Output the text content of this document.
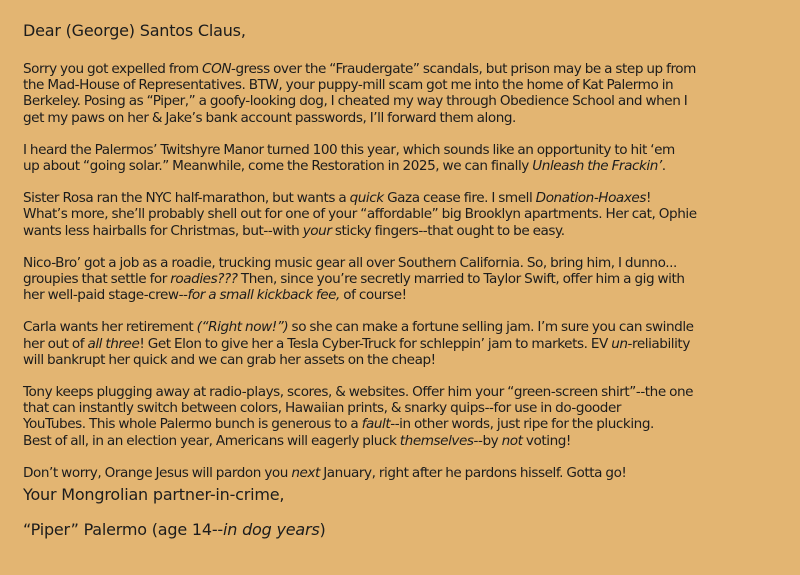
Dear (George) Santos Claus,

Sorry you got expelled from CON-gress over the “Fraudergate” scandals, but prison may be a step up from
the Mad-House of Representatives. BTW, your puppy-mill scam got me into the home of Kat Palermo in
Berkeley. Posing as “Piper,” a goofy-looking dog, I cheated my way through Obedience School and when I
get my paws on her & Jake’s bank account passwords, I’ll forward them along.

I heard the Palermos’ Twitshyre Manor turned 100 this year, which sounds like an opportunity to hit ‘em
up about “going solar.” Meanwhile, come the Restoration in 2025, we can finally Unleash the Frackin’.

Sister Rosa ran the NYC half-marathon, but wants a quick Gaza cease fire. I smell Donation-Hoaxes!
What’s more, she’ll probably shell out for one of your “affordable” big Brooklyn apartments. Her cat, Ophie
wants less hairballs for Christmas, but--with your sticky fingers--that ought to be easy.

Nico-Bro’ got a job as a roadie, trucking music gear all over Southern California. So, bring him, I dunno...
groupies that settle for roadies??? Then, since you’re secretly married to Taylor Swift, offer him a gig with
her well-paid stage-crew--for a small kickback fee, of course!

Carla wants her retirement (“Right now!”) so she can make a fortune selling jam. I’m sure you can swindle
her out of all three! Get Elon to give her a Tesla Cyber-Truck for schleppin’ jam to markets. EV un-reliability
will bankrupt her quick and we can grab her assets on the cheap!

Tony keeps plugging away at radio-plays, scores, & websites. Offer him your “green-screen shirt”--the one
that can instantly switch between colors, Hawaiian prints, & snarky quips--for use in do-gooder
YouTubes. This whole Palermo bunch is generous to a fault--in other words, just ripe for the plucking.
Best of all, in an election year, Americans will eagerly pluck themselves--by not voting!

Don’t worry, Orange Jesus will pardon you next January, right after he pardons hisself. Gotta go!

Your Mongrolian partner-in-crime,

“Piper” Palermo (age 14--in dog years)
